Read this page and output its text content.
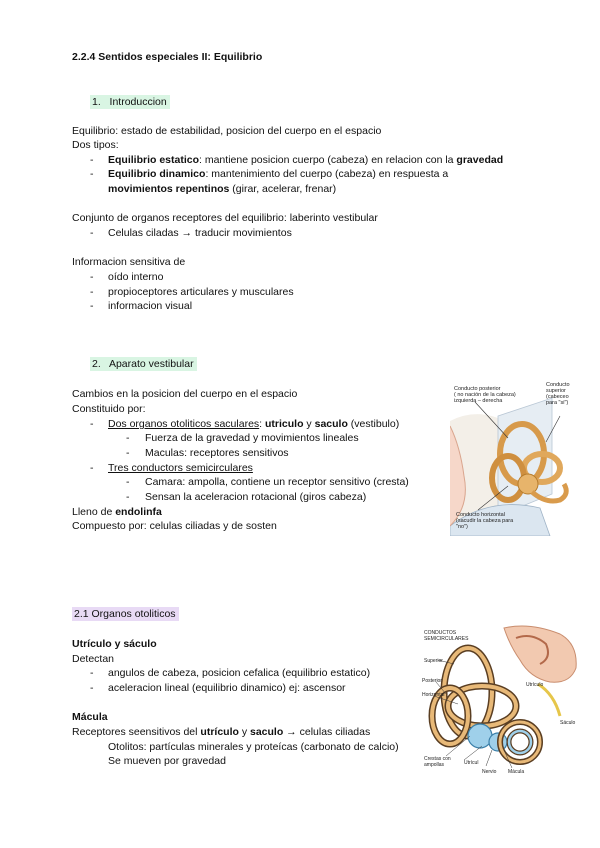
2.2.4 Sentidos especiales II: Equilibrio
1. Introduccion
Equilibrio: estado de estabilidad, posicion del cuerpo en el espacio
Dos tipos:
- Equilibrio estatico: mantiene posicion cuerpo (cabeza) en relacion con la gravedad
- Equilibrio dinamico: mantenimiento del cuerpo (cabeza) en respuesta a
movimientos repentinos (girar, acelerar, frenar)
Conjunto de organos receptores del equilibrio: laberinto vestibular
- Celulas ciladas → traducir movimientos
Informacion sensitiva de
- oído interno
- propioceptores articulares y musculares
- informacion visual
2. Aparato vestibular
Cambios en la posicion del cuerpo en el espacio
Constituido por:
- Dos organos otoliticos saculares: utriculo y saculo (vestibulo)
- Fuerza de la gravedad y movimientos lineales
- Maculas: receptores sensitivos
- Tres conductors semicirculares
- Camara: ampolla, contiene un receptor sensitivo (cresta)
- Sensan la aceleracion rotacional (giros cabeza)
Lleno de endolinfa
Compuesto por: celulas ciliadas y de sosten
Conducto posterior
( no nación de la cabeza)
izquierda – derecha
Conducto
superior
(cabeceo
para "si")
Conducto horizontal
(sacudir la cabeza para
"no")
2.1 Organos otoliticos
Utrículo y sáculo
Detectan
- angulos de cabeza, posicion cefalica (equilibrio estatico)
- aceleracion lineal (equilibrio dinamico) ej: ascensor
Mácula
Receptores seensitivos del utrículo y saculo → celulas ciliadas
Otolitos: partículas minerales y proteícas (carbonato de calcio)
Se mueven por gravedad
CONDUCTOS
SEMICIRCULARES
Superior
Posterior
Horizontal
Utrículo
Sáculo
Crestas con
ampollas	Utrícul
Nervio Mácula
